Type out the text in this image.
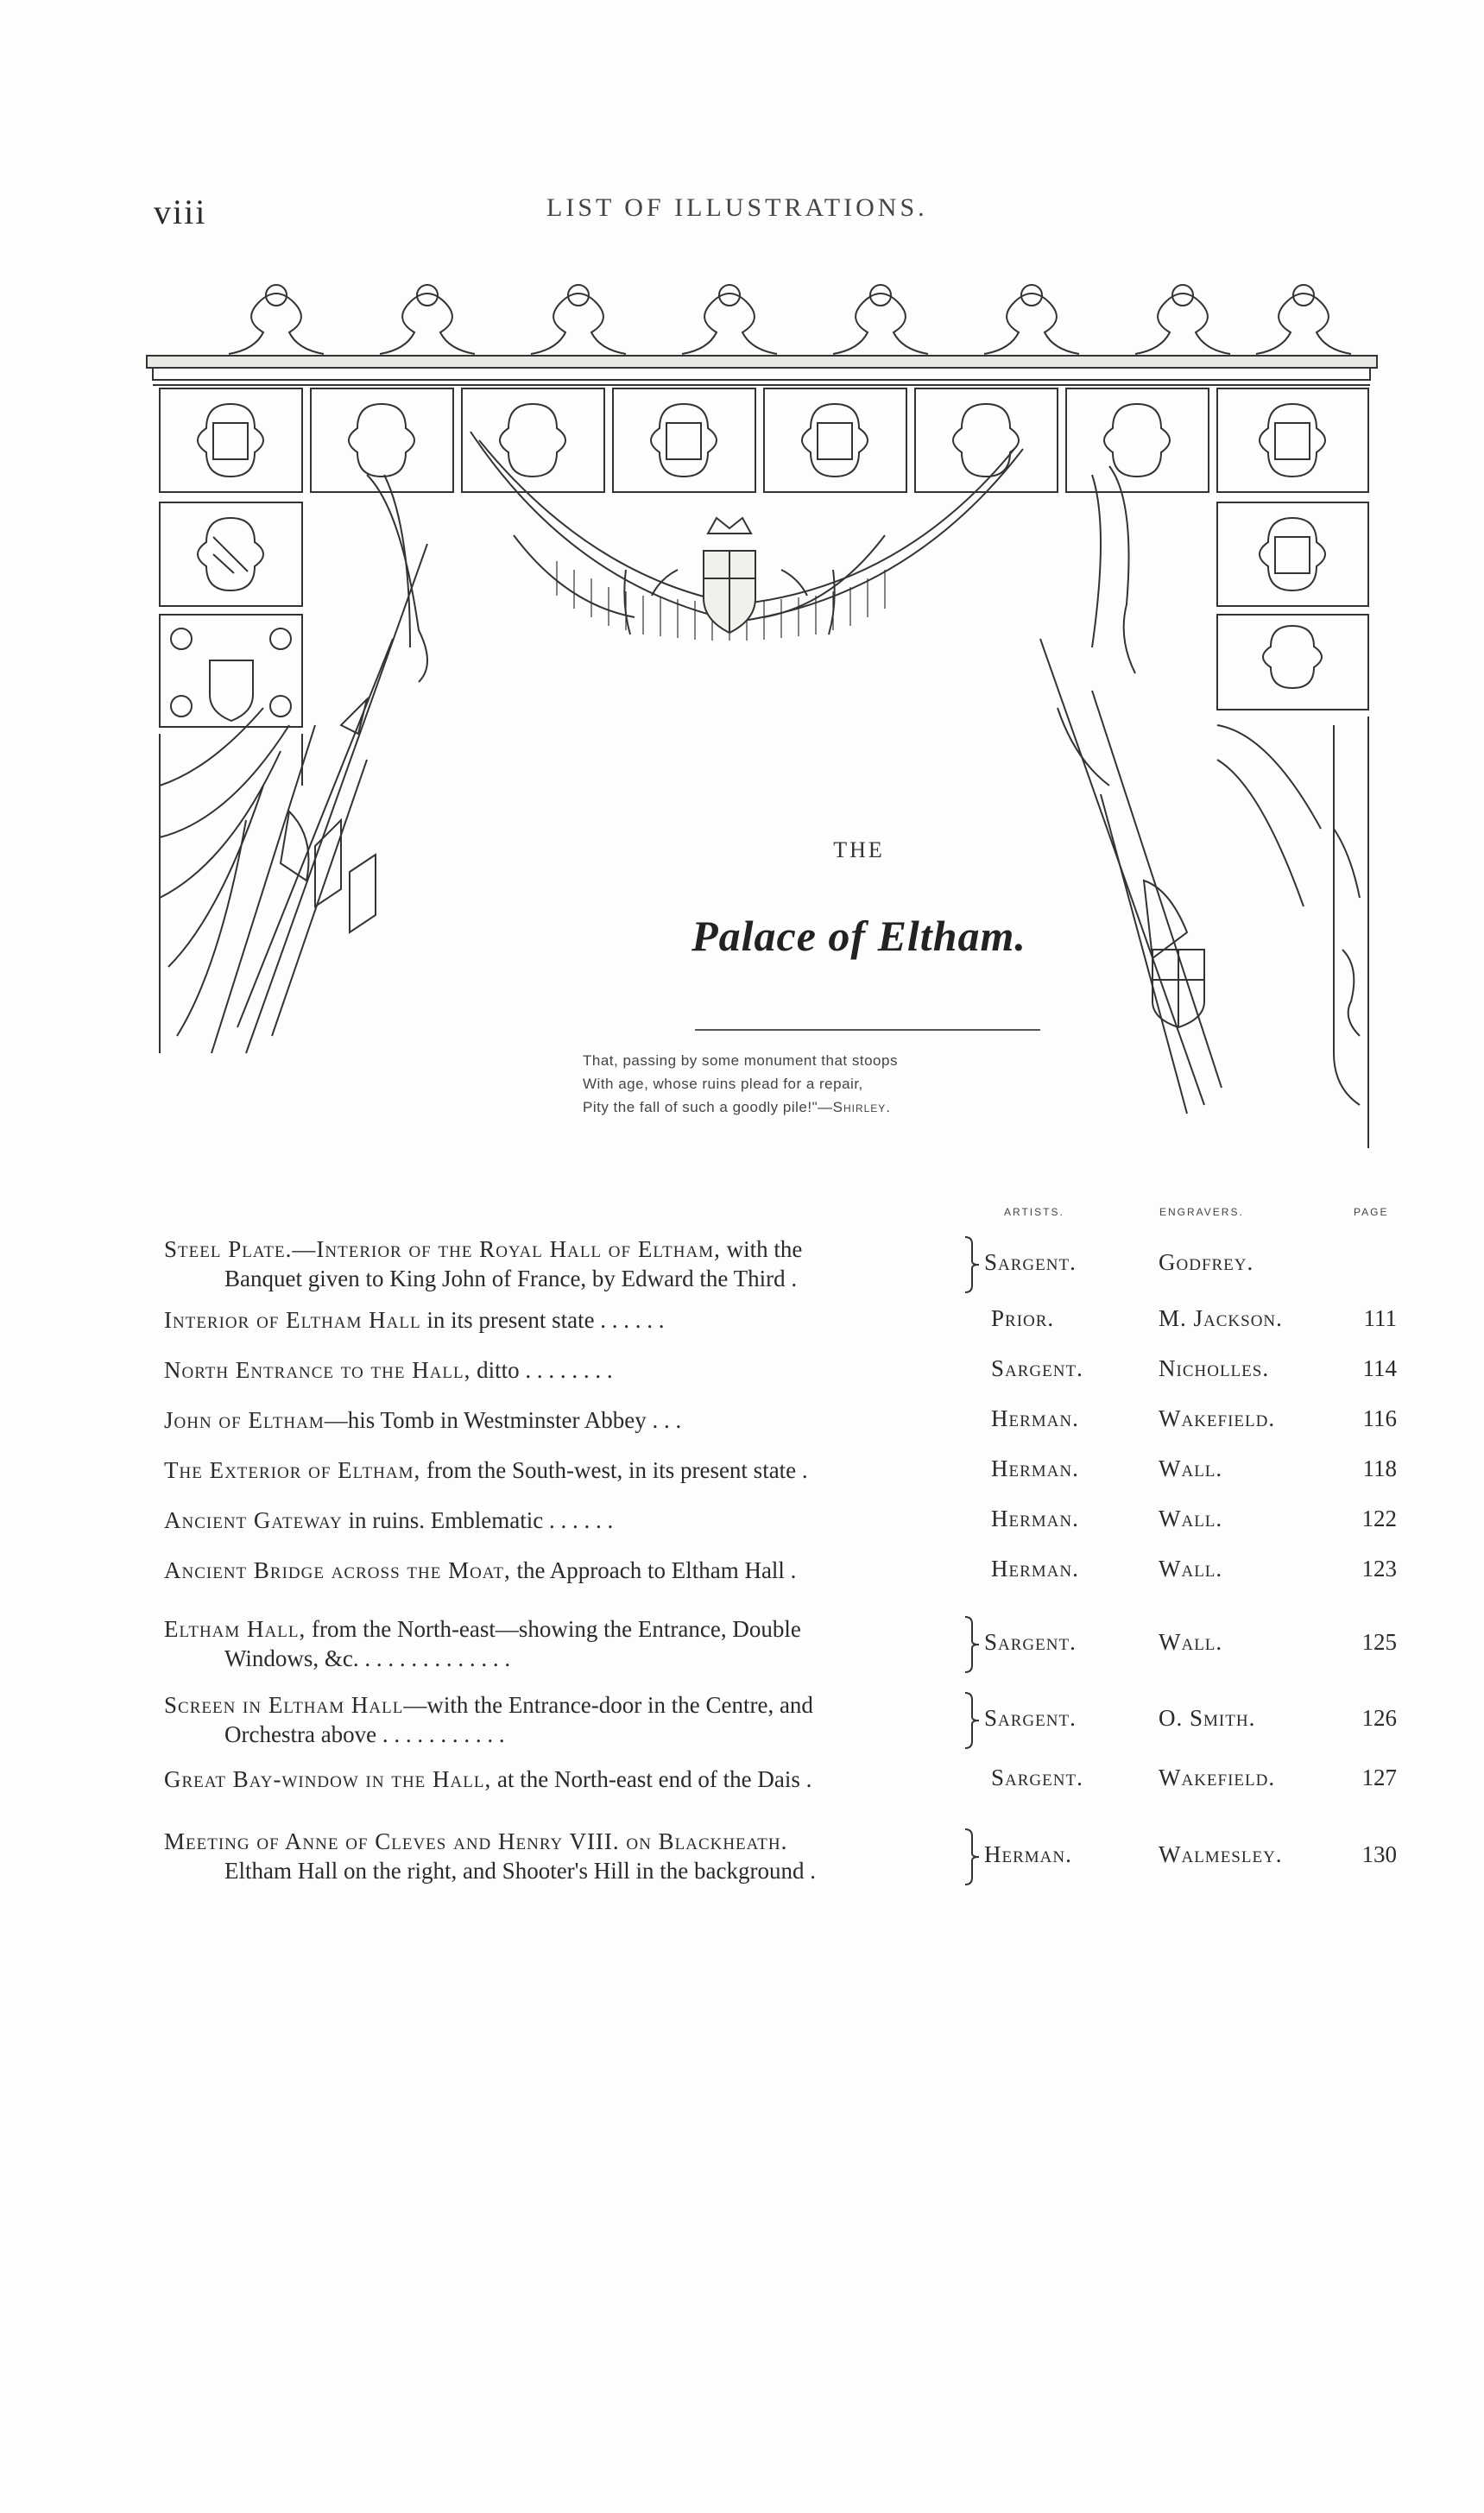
viii	LIST OF ILLUSTRATIONS.
THE
Palace of Eltham.
That, passing by some monument that stoops
With age, whose ruins plead for a repair,
Pity the fall of such a goodly pile!"—Shirley.
ARTISTS.	ENGRAVERS.	PAGE
Steel Plate.—Interior of the Royal Hall of Eltham, with the
Banquet given to King John of France, by Edward the Third .
Sargent.	Godfrey.
Interior of Eltham Hall in its present state . . . . . .	Prior.	M. Jackson.	111
North Entrance to the Hall, ditto . . . . . . . .	Sargent.	Nicholles.	114
John of Eltham—his Tomb in Westminster Abbey . . .	Herman.	Wakefield.	116
The Exterior of Eltham, from the South-west, in its present state .	Herman.	Wall.	118
Ancient Gateway in ruins. Emblematic . . . . . .	Herman.	Wall.	122
Ancient Bridge across the Moat, the Approach to Eltham Hall .	Herman.	Wall.	123
Eltham Hall, from the North-east—showing the Entrance, Double
Windows, &c. . . . . . . . . . . . . .
Sargent.	Wall.	125
Screen in Eltham Hall—with the Entrance-door in the Centre, and
Orchestra above . . . . . . . . . . .
Sargent.	O. Smith.	126
Great Bay-window in the Hall, at the North-east end of the Dais .	Sargent.	Wakefield.	127
Meeting of Anne of Cleves and Henry VIII. on Blackheath.
Eltham Hall on the right, and Shooter's Hill in the background .
Herman.	Walmesley.	130
